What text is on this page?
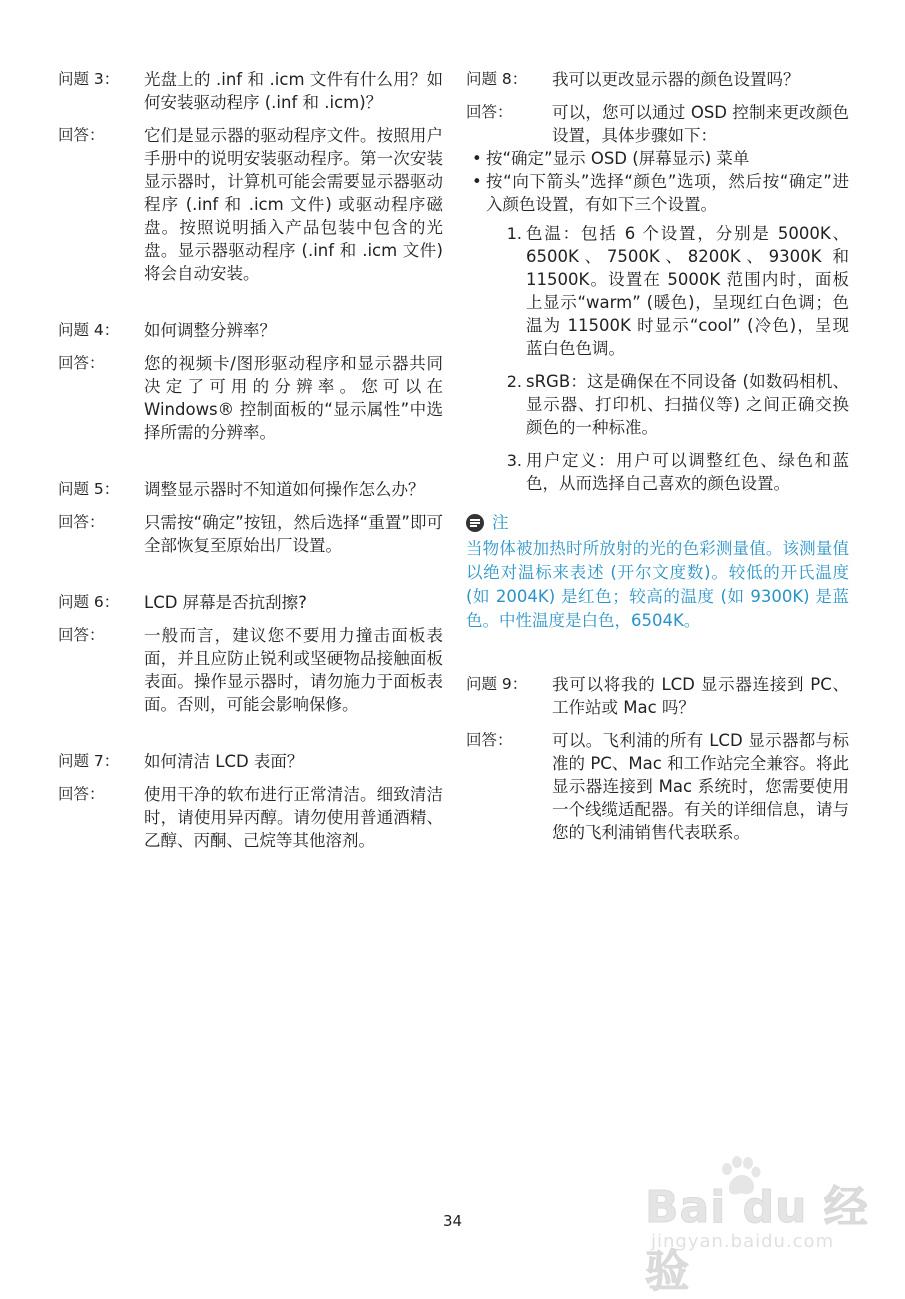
问题 3：	光盘上的 .inf 和 .icm 文件有什么用？如何安装驱动程序 (.inf 和 .icm)？
回答：	它们是显示器的驱动程序文件。按照用户手册中的说明安装驱动程序。第一次安装显示器时，计算机可能会需要显示器驱动程序 (.inf 和 .icm 文件) 或驱动程序磁盘。按照说明插入产品包装中包含的光盘。显示器驱动程序 (.inf 和 .icm 文件) 将会自动安装。
问题 4：	如何调整分辨率？
回答：	您的视频卡/图形驱动程序和显示器共同决定了可用的分辨率。您可以在 Windows® 控制面板的“显示属性”中选择所需的分辨率。
问题 5：	调整显示器时不知道如何操作怎么办？
回答：	只需按“确定”按钮，然后选择“重置”即可全部恢复至原始出厂设置。
问题 6：	LCD 屏幕是否抗刮擦?
回答：	一般而言，建议您不要用力撞击面板表面，并且应防止锐利或坚硬物品接触面板表面。操作显示器时，请勿施力于面板表面。否则，可能会影响保修。
问题 7：	如何清洁 LCD 表面？
回答：	使用干净的软布进行正常清洁。细致清洁时，请使用异丙醇。请勿使用普通酒精、乙醇、丙酮、己烷等其他溶剂。
问题 8：	我可以更改显示器的颜色设置吗？
回答：	可以，您可以通过 OSD 控制来更改颜色设置，具体步骤如下：
• 按“确定”显示 OSD (屏幕显示) 菜单
• 按“向下箭头”选择“颜色”选项，然后按“确定”进入颜色设置，有如下三个设置。
1. 色温：包括 6 个设置，分别是 5000K、6500K、7500K、8200K、9300K 和 11500K。设置在 5000K 范围内时，面板上显示“warm” (暖色)，呈现红白色调；色温为 11500K 时显示“cool” (冷色)，呈现蓝白色色调。
2. sRGB：这是确保在不同设备 (如数码相机、显示器、打印机、扫描仪等) 之间正确交换颜色的一种标准。
3. 用户定义：用户可以调整红色、绿色和蓝色，从而选择自己喜欢的颜色设置。
注
当物体被加热时所放射的光的色彩测量值。该测量值以绝对温标来表述 (开尔文度数)。较低的开氏温度 (如 2004K) 是红色；较高的温度 (如 9300K) 是蓝色。中性温度是白色，6504K。
问题 9：	我可以将我的 LCD 显示器连接到 PC、工作站或 Mac 吗？
回答：	可以。飞利浦的所有 LCD 显示器都与标准的 PC、Mac 和工作站完全兼容。将此显示器连接到 Mac 系统时，您需要使用一个线缆适配器。有关的详细信息，请与您的飞利浦销售代表联系。
34	Bai du 经验
jingyan.baidu.com
